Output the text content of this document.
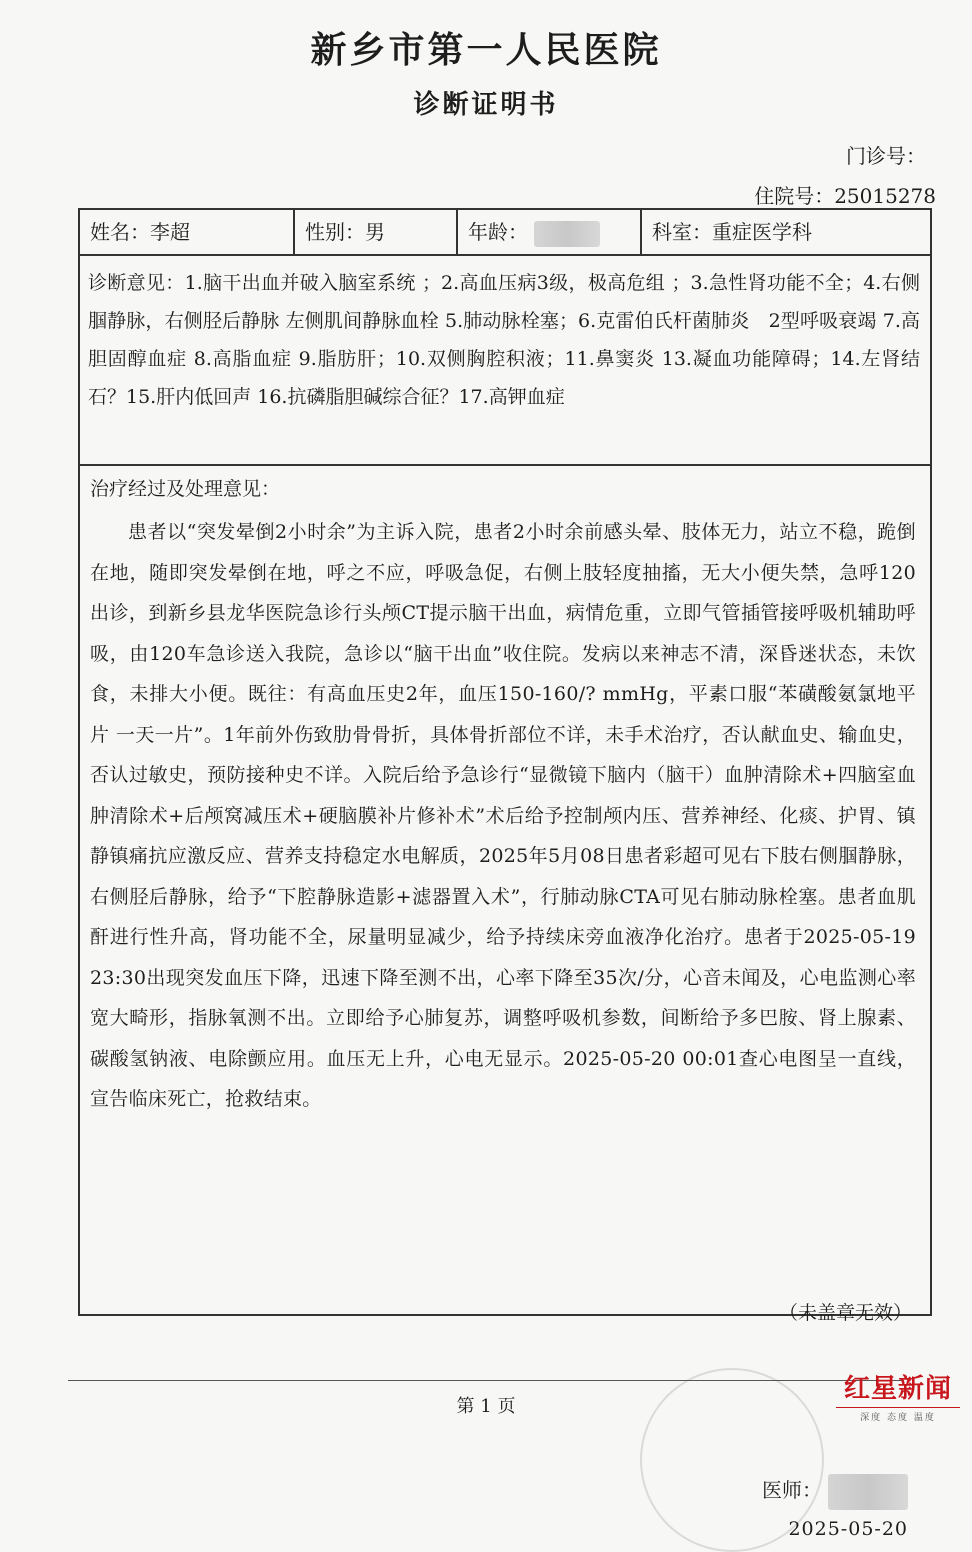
新乡市第一人民医院
诊断证明书
门诊号：
住院号：25015278
姓名：李超	性别：男	年龄：	科室：重症医学科
诊断意见：1.脑干出血并破入脑室系统 ；2.高血压病3级，极高危组 ；3.急性肾功能不全；4.右侧腘静脉，右侧胫后静脉 左侧肌间静脉血栓 5.肺动脉栓塞；6.克雷伯氏杆菌肺炎　2型呼吸衰竭 7.高胆固醇血症 8.高脂血症 9.脂肪肝；10.双侧胸腔积液；11.鼻窦炎 13.凝血功能障碍；14.左肾结石？15.肝内低回声 16.抗磷脂胆碱综合征？17.高钾血症
治疗经过及处理意见：
患者以“突发晕倒2小时余”为主诉入院，患者2小时余前感头晕、肢体无力，站立不稳，跪倒在地，随即突发晕倒在地，呼之不应，呼吸急促，右侧上肢轻度抽搐，无大小便失禁，急呼120出诊，到新乡县龙华医院急诊行头颅CT提示脑干出血，病情危重，立即气管插管接呼吸机辅助呼吸，由120车急诊送入我院，急诊以“脑干出血”收住院。发病以来神志不清，深昏迷状态，未饮食，未排大小便。既往：有高血压史2年，血压150-160/? mmHg，平素口服“苯磺酸氨氯地平片 一天一片”。1年前外伤致肋骨骨折，具体骨折部位不详，未手术治疗，否认献血史、输血史，否认过敏史，预防接种史不详。入院后给予急诊行“显微镜下脑内（脑干）血肿清除术+四脑室血肿清除术+后颅窝减压术+硬脑膜补片修补术”术后给予控制颅内压、营养神经、化痰、护胃、镇静镇痛抗应激反应、营养支持稳定水电解质，2025年5月08日患者彩超可见右下肢右侧腘静脉，右侧胫后静脉，给予“下腔静脉造影+滤器置入术”，行肺动脉CTA可见右肺动脉栓塞。患者血肌酐进行性升高，肾功能不全，尿量明显减少，给予持续床旁血液净化治疗。患者于2025-05-19 23:30出现突发血压下降，迅速下降至测不出，心率下降至35次/分，心音未闻及，心电监测心率宽大畸形，指脉氧测不出。立即给予心肺复苏，调整呼吸机参数，间断给予多巴胺、肾上腺素、碳酸氢钠液、电除颤应用。血压无上升，心电无显示。2025-05-20 00:01查心电图呈一直线，宣告临床死亡，抢救结束。
医师：
2025-05-20
（未盖章无效）
第 1 页
红星新闻
深度 态度 温度
